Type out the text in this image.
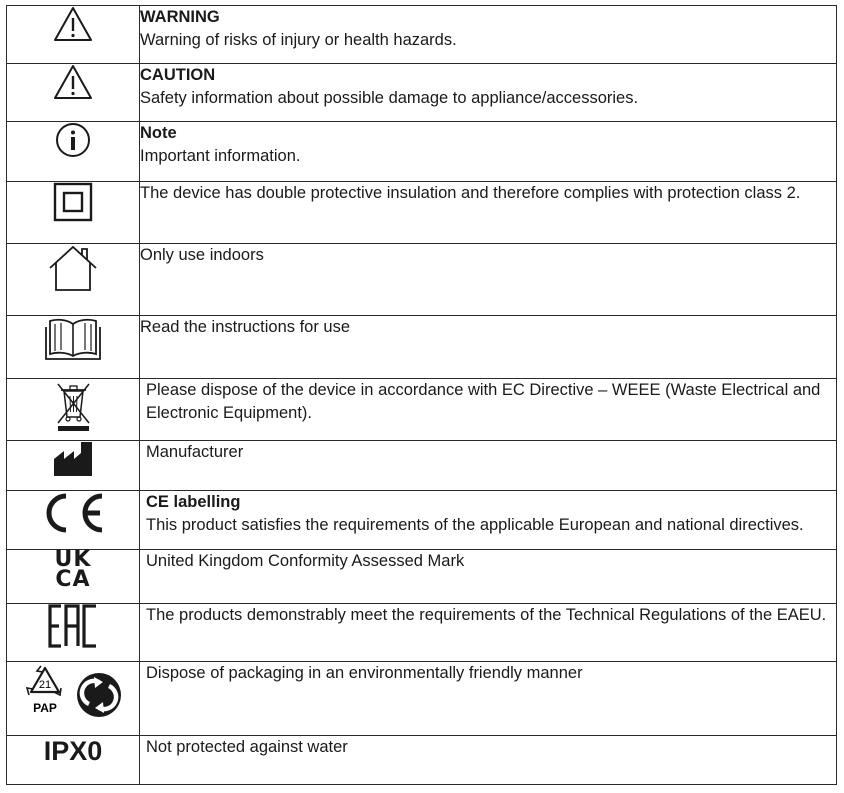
WARNING
Warning of risks of injury or health hazards.

CAUTION
Safety information about possible damage to appliance/accessories.

Note
Important information.

The device has double protective insulation and therefore complies with protection class 2.

Only use indoors

Read the instructions for use

Please dispose of the device in accordance with EC Directive – WEEE (Waste Electrical and Electronic Equipment).

Manufacturer

CE labelling
This product satisfies the requirements of the applicable European and national directives.

UK
CA	United Kingdom Conformity Assessed Mark

The products demonstrably meet the requirements of the Technical Regulations of the EAEU.

21
PAP	Dispose of packaging in an environmentally friendly manner

IPX0	Not protected against water
